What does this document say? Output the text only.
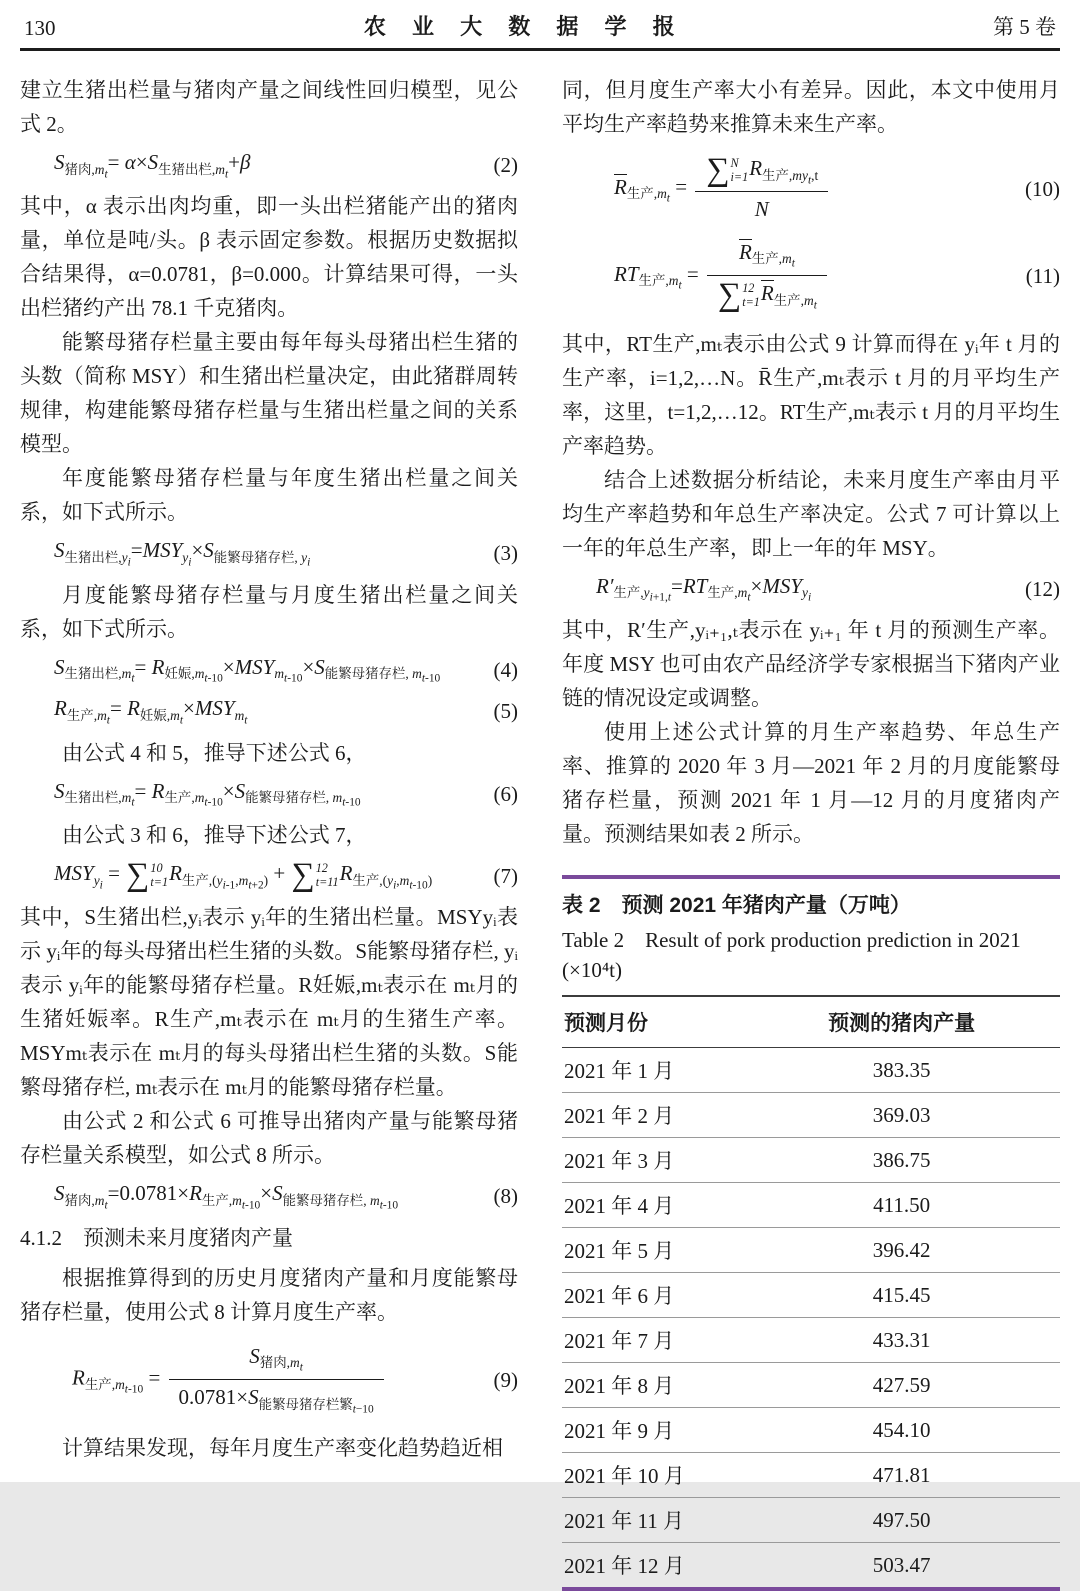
130	农 业 大 数 据 学 报	第 5 卷

建立生猪出栏量与猪肉产量之间线性回归模型，见公式 2。

$S_{猪肉,m_t}= \alpha\times S_{生猪出栏,m_t}+\beta$	(2)

其中，α 表示出肉均重，即一头出栏猪能产出的猪肉量，单位是吨/头。β 表示固定参数。根据历史数据拟合结果得，α=0.0781，β=0.000。计算结果可得，一头出栏猪约产出 78.1 千克猪肉。

能繁母猪存栏量主要由每年每头母猪出栏生猪的头数（简称 MSY）和生猪出栏量决定，由此猪群周转规律，构建能繁母猪存栏量与生猪出栏量之间的关系模型。

年度能繁母猪存栏量与年度生猪出栏量之间关系，如下式所示。

$S_{生猪出栏,y_i}=MSY_{y_i}\times S_{能繁母猪存栏, y_i}$	(3)

月度能繁母猪存栏量与月度生猪出栏量之间关系，如下式所示。

$S_{生猪出栏,m_t}= R_{妊娠,m_{t-10}}\times MSY_{m_{t-10}}\times S_{能繁母猪存栏, m_{t-10}}$	(4)
$R_{生产,m_t}= R_{妊娠,m_t}\times MSY_{m_t}$	(5)

由公式 4 和 5，推导下述公式 6，

$S_{生猪出栏,m_t}= R_{生产,m_{t-10}}\times S_{能繁母猪存栏, m_{t-10}}$	(6)

由公式 3 和 6，推导下述公式 7，

$MSY_{y_i}$ = ∑ 10
t=1 $R_{生产,(y_{i-1},m_{t+2})}$ + ∑ 12
t=11 $R_{生产,(y_i,m_{t-10})}$	(7)

其中，S生猪出栏,yᵢ表示 yᵢ年的生猪出栏量。MSYyᵢ表示 yᵢ年的每头母猪出栏生猪的头数。S能繁母猪存栏, yᵢ表示 yᵢ年的能繁母猪存栏量。R妊娠,mₜ表示在 mₜ月的生猪妊娠率。R生产,mₜ表示在 mₜ月的生猪生产率。MSYmₜ表示在 mₜ月的每头母猪出栏生猪的头数。S能繁母猪存栏, mₜ表示在 mₜ月的能繁母猪存栏量。

由公式 2 和公式 6 可推导出猪肉产量与能繁母猪存栏量关系模型，如公式 8 所示。

$S_{猪肉,m_t}=0.0781\times R_{生产,m_{t-10}}\times S_{能繁母猪存栏, m_{t-10}}$	(8)

4.1.2　预测未来月度猪肉产量

根据推算得到的历史月度猪肉产量和月度能繁母猪存栏量，使用公式 8 计算月度生产率。

$R_{生产,m_{t-10}} = \frac{S_{猪肉,m_t}}{0.0781\times S_{能繁母猪存栏繁_{t-10}}}$	(9)

计算结果发现，每年月度生产率变化趋势趋近相

同，但月度生产率大小有差异。因此，本文中使用月平均生产率趋势来推算未来生产率。

$R_{生产,m_t}$ = ∑ N
i=1 $R_{生产,my_t,t}$
N	(10)
$RT_{生产,m_t} = R_{生产,m_t}$
∑ 12
t=1 $R_{生产,m_t}$	(11)

其中，RT生产,mₜ表示由公式 9 计算而得在 yᵢ年 t 月的生产率，i=1,2,…N。R̄生产,mₜ表示 t 月的月平均生产率，这里，t=1,2,…12。RT生产,mₜ表示 t 月的月平均生产率趋势。

结合上述数据分析结论，未来月度生产率由月平均生产率趋势和年总生产率决定。公式 7 可计算以上一年的年总生产率，即上一年的年 MSY。

$R'_{生产,y_{i+1,t}}=RT_{生产,m_t}\times MSY_{y_i}$	(12)

其中，R′生产,yᵢ₊₁,ₜ表示在 yᵢ₊₁ 年 t 月的预测生产率。年度 MSY 也可由农产品经济学专家根据当下猪肉产业链的情况设定或调整。

使用上述公式计算的月生产率趋势、年总生产率、推算的 2020 年 3 月—2021 年 2 月的月度能繁母猪存栏量，预测 2021 年 1 月—12 月的月度猪肉产量。预测结果如表 2 所示。

表 2　预测 2021 年猪肉产量（万吨）

Table 2　Result of pork production prediction in 2021 (×10⁴t)

预测月份	预测的猪肉产量
2021 年 1 月	383.35
2021 年 2 月	369.03
2021 年 3 月	386.75
2021 年 4 月	411.50
2021 年 5 月	396.42
2021 年 6 月	415.45
2021 年 7 月	433.31
2021 年 8 月	427.59
2021 年 9 月	454.10
2021 年 10 月	471.81
2021 年 11 月	497.50
2021 年 12 月	503.47
